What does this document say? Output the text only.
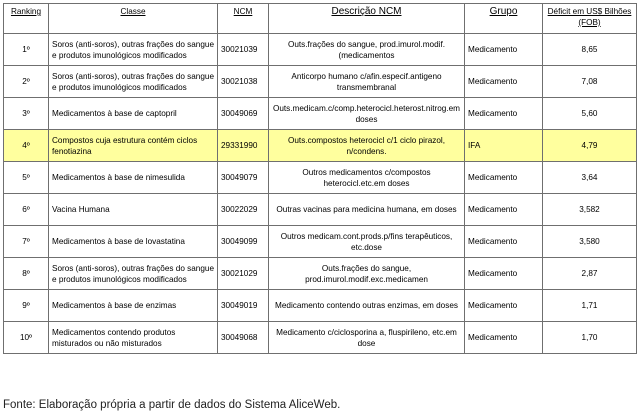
Ranking	Classe	NCM	Descrição NCM	Grupo	Déficit em US$ Bilhões (FOB)
1º	Soros (anti-soros), outras frações do sangue e produtos imunológicos modificados	30021039	Outs.frações do sangue, prod.imurol.modif.(medicamentos	Medicamento	8,65
2º	Soros (anti-soros), outras frações do sangue e produtos imunológicos modificados	30021038	Anticorpo humano c/afin.especif.antigeno transmembranal	Medicamento	7,08
3º	Medicamentos à base de captopril	30049069	Outs.medicam.c/comp.heterocicl.heterost.nitrog.em doses	Medicamento	5,60
4º	Compostos cuja estrutura contém ciclos fenotiazina	29331990	Outs.compostos heterocicl c/1 ciclo pirazol, n/condens.	IFA	4,79
5º	Medicamentos à base de nimesulida	30049079	Outros medicamentos c/compostos heterocicl.etc.em doses	Medicamento	3,64
6º	Vacina Humana	30022029	Outras vacinas para medicina humana, em doses	Medicamento	3,582
7º	Medicamentos à base de lovastatina	30049099	Outros medicam.cont.prods.p/fins terapêuticos, etc.dose	Medicamento	3,580
8º	Soros (anti-soros), outras frações do sangue e produtos imunológicos modificados	30021029	Outs.frações do sangue, prod.imurol.modif.exc.medicamen	Medicamento	2,87
9º	Medicamentos à base de enzimas	30049019	Medicamento contendo outras enzimas, em doses	Medicamento	1,71
10º	Medicamentos contendo produtos misturados ou não misturados	30049068	Medicamento c/ciclosporina a, fluspirileno, etc.em dose	Medicamento	1,70
Fonte: Elaboração própria a partir de dados do Sistema AliceWeb.
